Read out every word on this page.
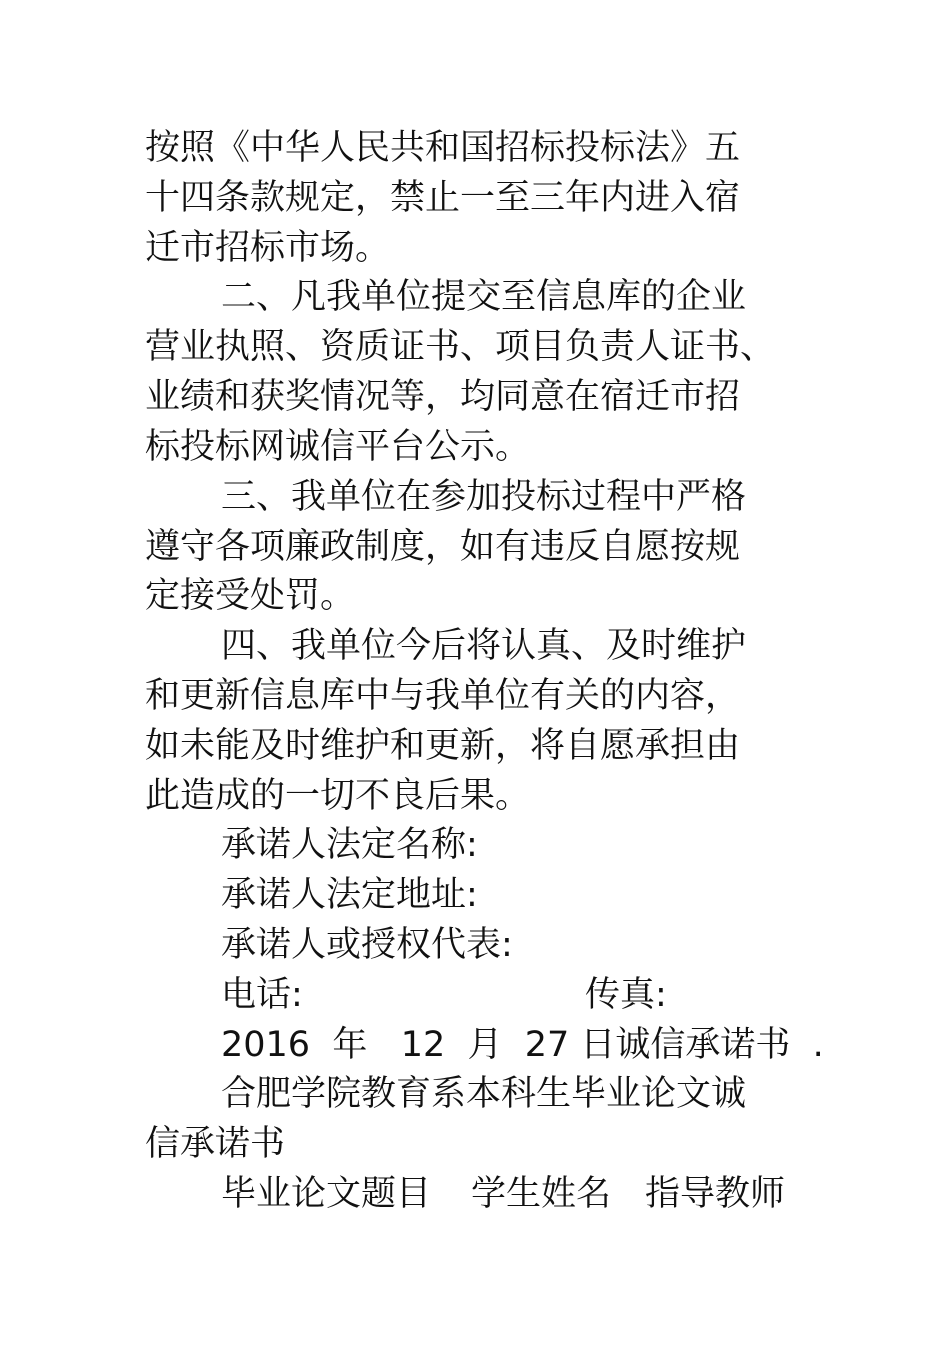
按照《中华人民共和国招标投标法》五
十四条款规定，禁止一至三年内进入宿
迁市招标市场。
二、凡我单位提交至信息库的企业
营业执照、资质证书、项目负责人证书、
业绩和获奖情况等，均同意在宿迁市招
标投标网诚信平台公示。
三、我单位在参加投标过程中严格
遵守各项廉政制度，如有违反自愿按规
定接受处罚。
四、我单位今后将认真、及时维护
和更新信息库中与我单位有关的内容，
如未能及时维护和更新，将自愿承担由
此造成的一切不良后果。
承诺人法定名称:
承诺人法定地址:
承诺人或授权代表:
电话:	传真:
2016  年   12  月  27 日诚信承诺书  .
合肥学院教育系本科生毕业论文诚
信承诺书
毕业论文题目 学生姓名 指导教师
